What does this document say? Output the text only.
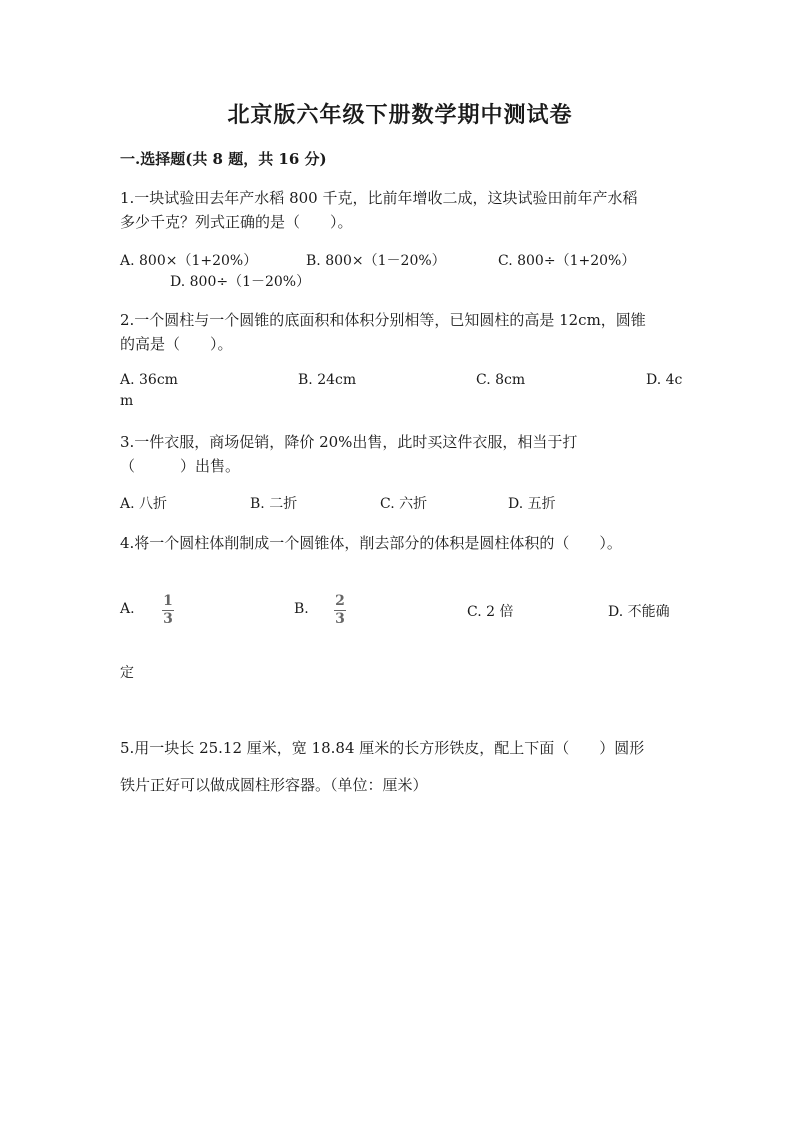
北京版六年级下册数学期中测试卷
一.选择题(共 8 题，共 16 分)
1.一块试验田去年产水稻 800 千克，比前年增收二成，这块试验田前年产水稻
多少千克？列式正确的是（　　）。
A. 800×（1+20%）	B. 800×（1－20%）	C. 800÷（1+20%）
D. 800÷（1－20%）
2.一个圆柱与一个圆锥的底面积和体积分别相等，已知圆柱的高是 12cm，圆锥
的高是（　　）。
A. 36cm	B. 24cm	C. 8cm	D. 4c
m
3.一件衣服，商场促销，降价 20%出售，此时买这件衣服，相当于打
（　　　）出售。
A. 八折	B. 二折	C. 六折	D. 五折
4.将一个圆柱体削制成一个圆锥体，削去部分的体积是圆柱体积的（　　）。
A. 1
3
B. 2
3	C. 2 倍	D. 不能确
定
5.用一块长 25.12 厘米，宽 18.84 厘米的长方形铁皮，配上下面（　　）圆形
铁片正好可以做成圆柱形容器。（单位：厘米）
